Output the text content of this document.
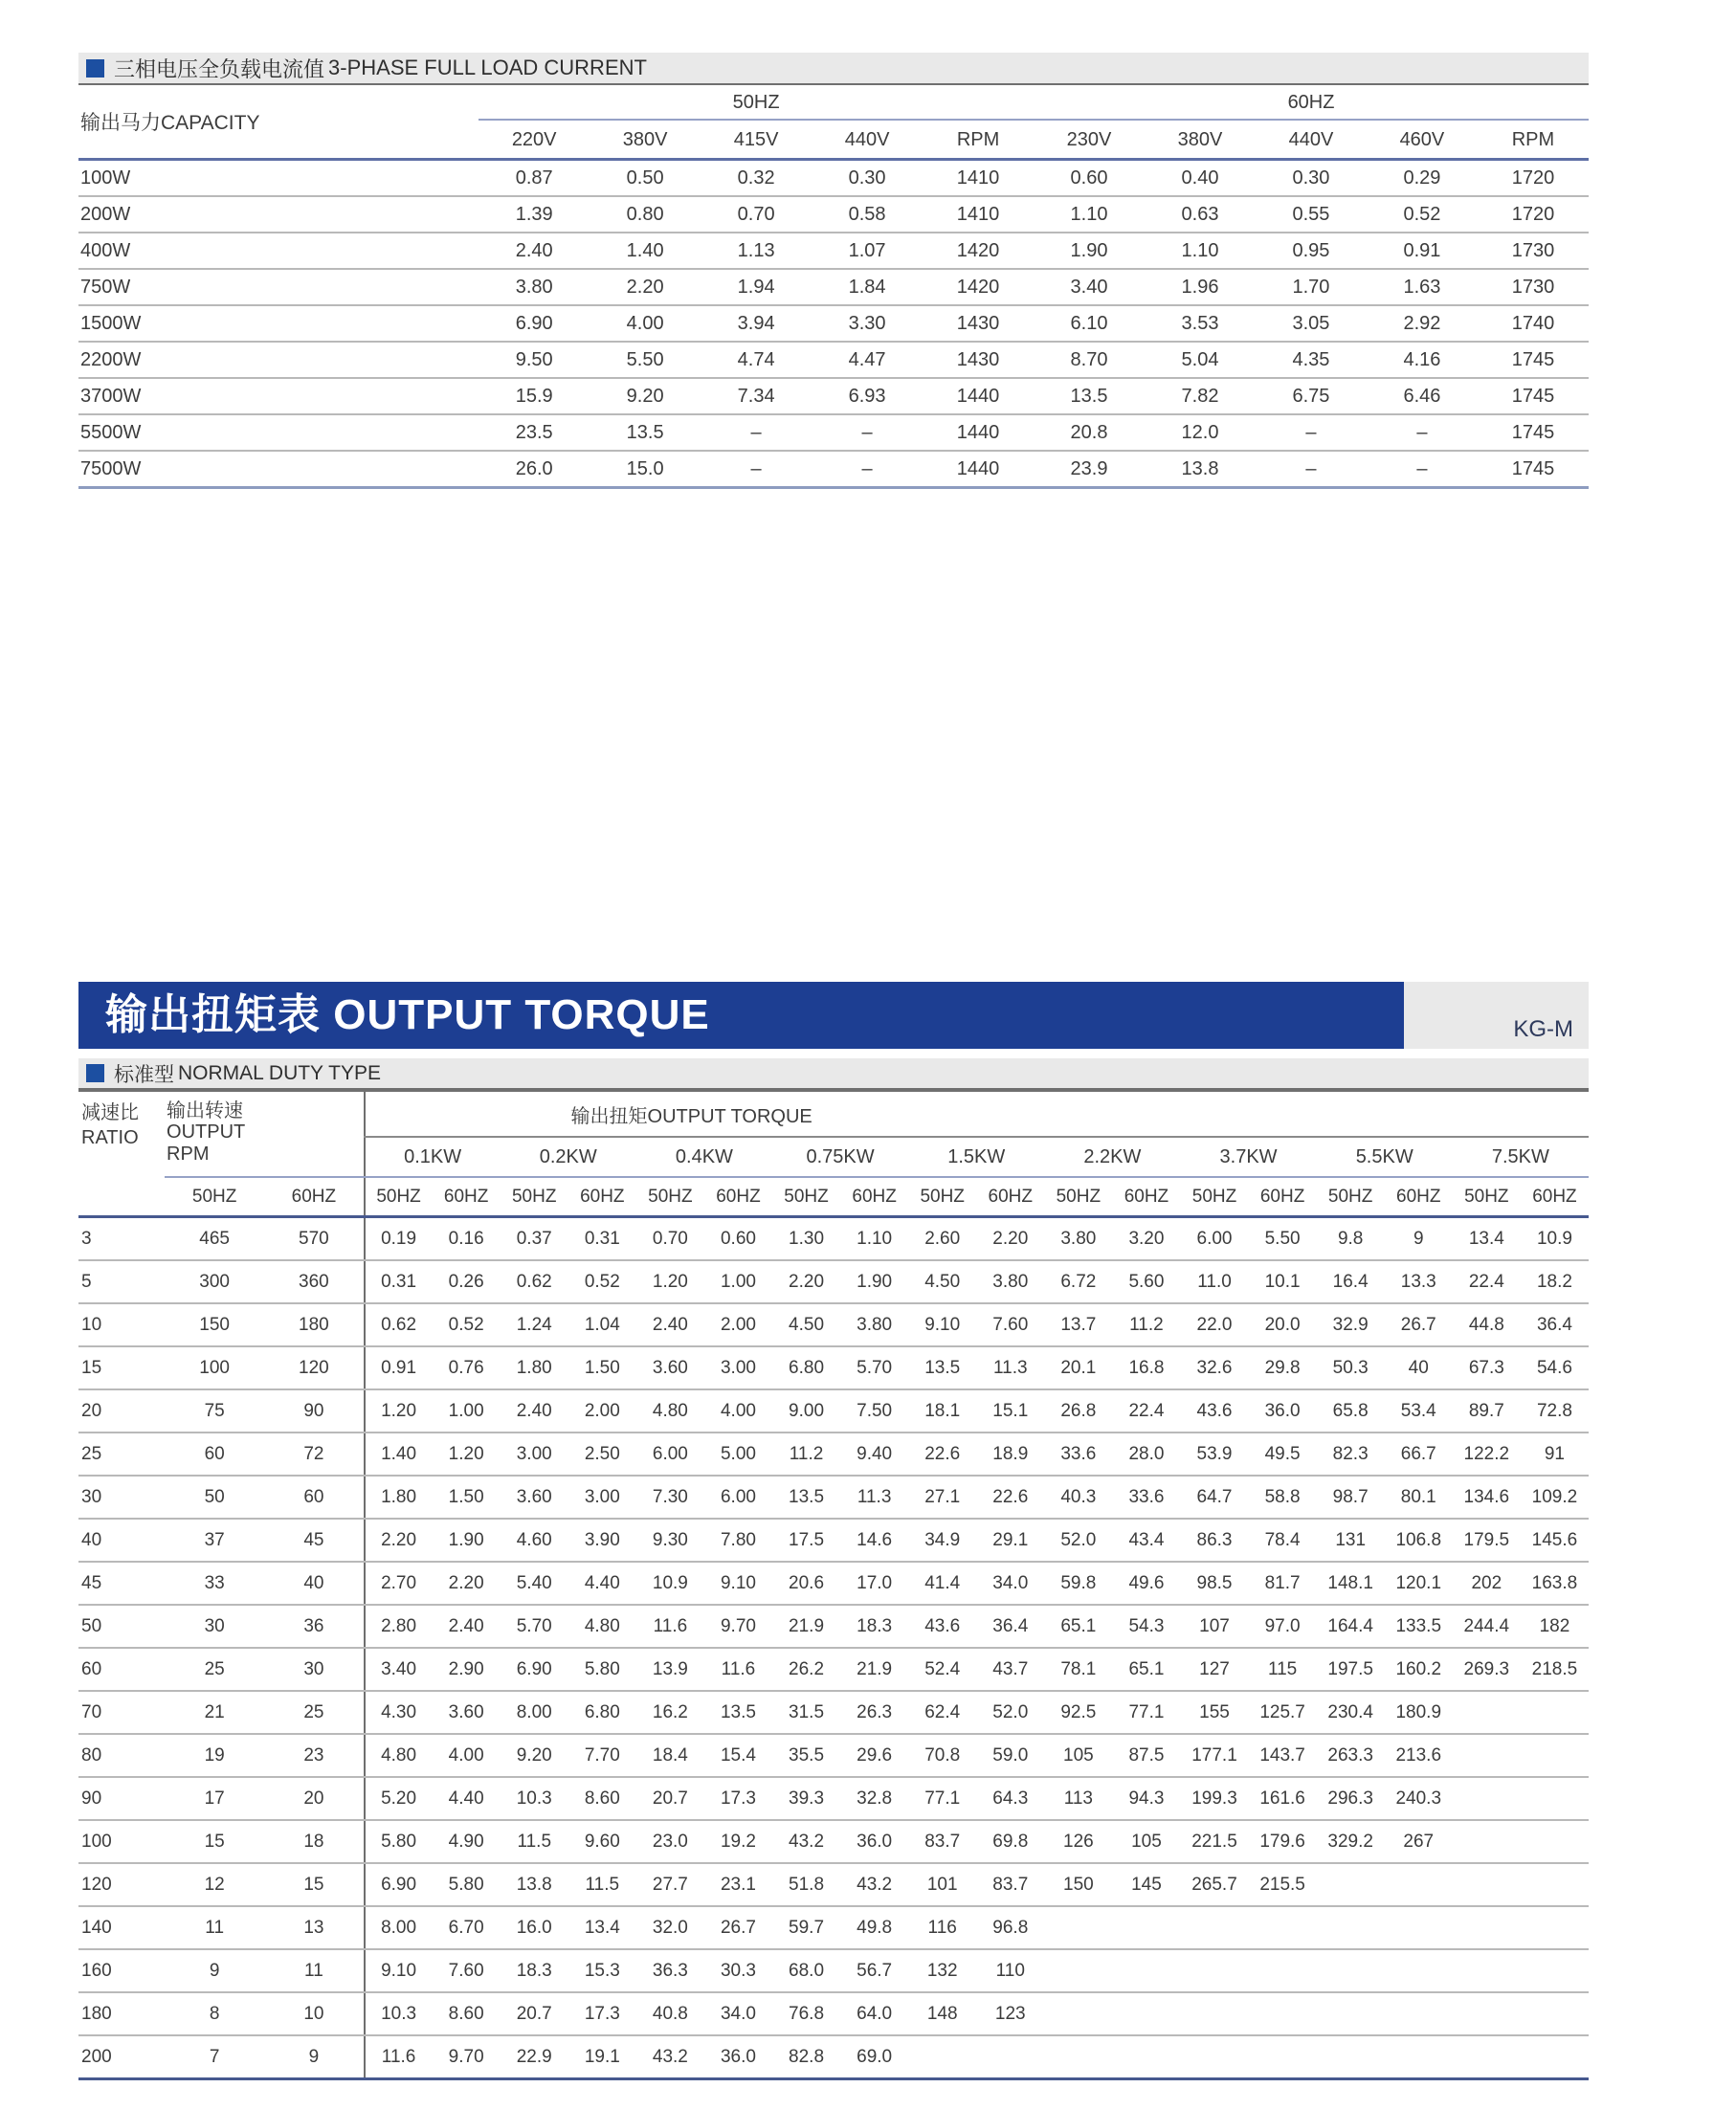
三相电压全负载电流值 3-PHASE FULL LOAD CURRENT
输出马力CAPACITY	50HZ					60HZ				
	220V	380V	415V	440V	RPM	230V	380V	440V	460V	RPM
100W	0.87	0.50	0.32	0.30	1410	0.60	0.40	0.30	0.29	1720
200W	1.39	0.80	0.70	0.58	1410	1.10	0.63	0.55	0.52	1720
400W	2.40	1.40	1.13	1.07	1420	1.90	1.10	0.95	0.91	1730
750W	3.80	2.20	1.94	1.84	1420	3.40	1.96	1.70	1.63	1730
1500W	6.90	4.00	3.94	3.30	1430	6.10	3.53	3.05	2.92	1740
2200W	9.50	5.50	4.74	4.47	1430	8.70	5.04	4.35	4.16	1745
3700W	15.9	9.20	7.34	6.93	1440	13.5	7.82	6.75	6.46	1745
5500W	23.5	13.5	–	–	1440	20.8	12.0	–	–	1745
7500W	26.0	15.0	–	–	1440	23.9	13.8	–	–	1745
输出扭矩表 OUTPUT TORQUE	KG-M
标准型 NORMAL DUTY TYPE
减速比
RATIO

输出转速
OUTPUT
RPM
	输出扭矩OUTPUT TORQUE
			0.1KW		0.2KW		0.4KW		0.75KW		1.5KW		2.2KW		3.7KW		5.5KW		7.5KW	
	50HZ	60HZ	50HZ	60HZ	50HZ	60HZ	50HZ	60HZ	50HZ	60HZ	50HZ	60HZ	50HZ	60HZ	50HZ	60HZ	50HZ	60HZ	50HZ	60HZ
3	465	570	0.19	0.16	0.37	0.31	0.70	0.60	1.30	1.10	2.60	2.20	3.80	3.20	6.00	5.50	9.8	9	13.4	10.9
5	300	360	0.31	0.26	0.62	0.52	1.20	1.00	2.20	1.90	4.50	3.80	6.72	5.60	11.0	10.1	16.4	13.3	22.4	18.2
10	150	180	0.62	0.52	1.24	1.04	2.40	2.00	4.50	3.80	9.10	7.60	13.7	11.2	22.0	20.0	32.9	26.7	44.8	36.4
15	100	120	0.91	0.76	1.80	1.50	3.60	3.00	6.80	5.70	13.5	11.3	20.1	16.8	32.6	29.8	50.3	40	67.3	54.6
20	75	90	1.20	1.00	2.40	2.00	4.80	4.00	9.00	7.50	18.1	15.1	26.8	22.4	43.6	36.0	65.8	53.4	89.7	72.8
25	60	72	1.40	1.20	3.00	2.50	6.00	5.00	11.2	9.40	22.6	18.9	33.6	28.0	53.9	49.5	82.3	66.7	122.2	91
30	50	60	1.80	1.50	3.60	3.00	7.30	6.00	13.5	11.3	27.1	22.6	40.3	33.6	64.7	58.8	98.7	80.1	134.6	109.2
40	37	45	2.20	1.90	4.60	3.90	9.30	7.80	17.5	14.6	34.9	29.1	52.0	43.4	86.3	78.4	131	106.8	179.5	145.6
45	33	40	2.70	2.20	5.40	4.40	10.9	9.10	20.6	17.0	41.4	34.0	59.8	49.6	98.5	81.7	148.1	120.1	202	163.8
50	30	36	2.80	2.40	5.70	4.80	11.6	9.70	21.9	18.3	43.6	36.4	65.1	54.3	107	97.0	164.4	133.5	244.4	182
60	25	30	3.40	2.90	6.90	5.80	13.9	11.6	26.2	21.9	52.4	43.7	78.1	65.1	127	115	197.5	160.2	269.3	218.5
70	21	25	4.30	3.60	8.00	6.80	16.2	13.5	31.5	26.3	62.4	52.0	92.5	77.1	155	125.7	230.4	180.9		
80	19	23	4.80	4.00	9.20	7.70	18.4	15.4	35.5	29.6	70.8	59.0	105	87.5	177.1	143.7	263.3	213.6		
90	17	20	5.20	4.40	10.3	8.60	20.7	17.3	39.3	32.8	77.1	64.3	113	94.3	199.3	161.6	296.3	240.3		
100	15	18	5.80	4.90	11.5	9.60	23.0	19.2	43.2	36.0	83.7	69.8	126	105	221.5	179.6	329.2	267		
120	12	15	6.90	5.80	13.8	11.5	27.7	23.1	51.8	43.2	101	83.7	150	145	265.7	215.5				
140	11	13	8.00	6.70	16.0	13.4	32.0	26.7	59.7	49.8	116	96.8								
160	9	11	9.10	7.60	18.3	15.3	36.3	30.3	68.0	56.7	132	110								
180	8	10	10.3	8.60	20.7	17.3	40.8	34.0	76.8	64.0	148	123								
200	7	9	11.6	9.70	22.9	19.1	43.2	36.0	82.8	69.0										
